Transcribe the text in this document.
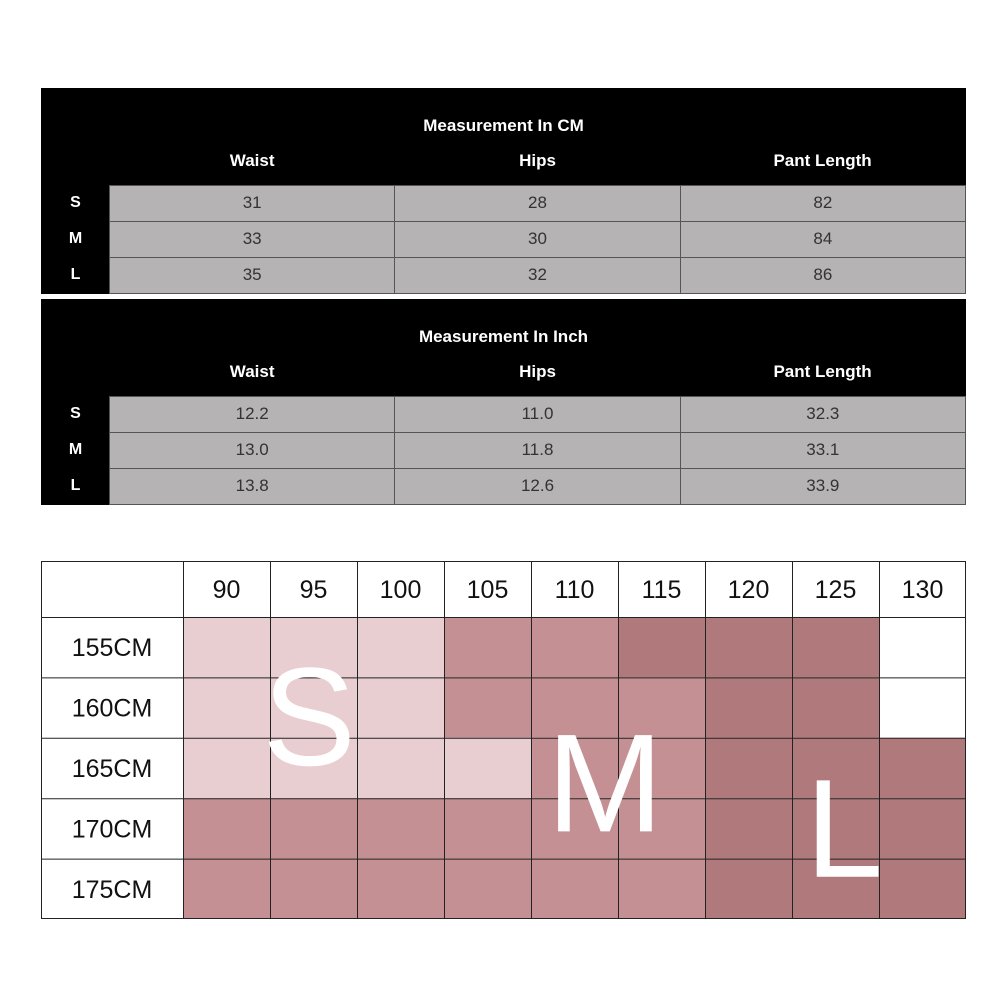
Measurement In CM			
	Waist	Hips	Pant Length
S	31	28	82
M	33	30	84
L	35	32	86
Measurement In Inch			
	Waist	Hips	Pant Length
S	12.2	11.0	32.3
M	13.0	11.8	33.1
L	13.8	12.6	33.9
90 95 100 105 110 115 120 125 130
155CM
160CM
165CM
170CM
175CM
S M L
